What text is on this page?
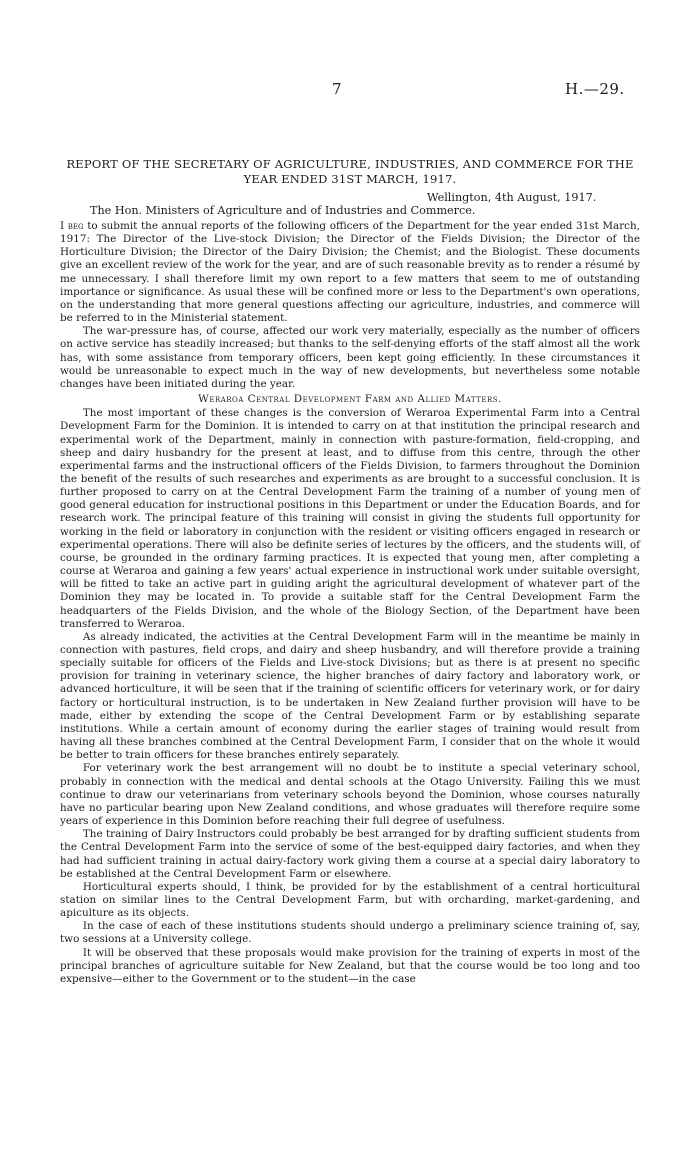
7	H.—29.
REPORT OF THE SECRETARY OF AGRICULTURE, INDUSTRIES, AND COMMERCE FOR THE YEAR ENDED 31ST MARCH, 1917.
Wellington, 4th August, 1917.
The Hon. Ministers of Agriculture and of Industries and Commerce.

I beg to submit the annual reports of the following officers of the Department for the year ended 31st March, 1917: The Director of the Live-stock Division; the Director of the Fields Division; the Director of the Horticulture Division; the Director of the Dairy Division; the Chemist; and the Biologist. These documents give an excellent review of the work for the year, and are of such reasonable brevity as to render a résumé by me unnecessary. I shall therefore limit my own report to a few matters that seem to me of outstanding importance or significance. As usual these will be confined more or less to the Department's own operations, on the understanding that more general questions affecting our agriculture, industries, and commerce will be referred to in the Ministerial statement.

The war-pressure has, of course, affected our work very materially, especially as the number of officers on active service has steadily increased; but thanks to the self-denying efforts of the staff almost all the work has, with some assistance from temporary officers, been kept going efficiently. In these circumstances it would be unreasonable to expect much in the way of new developments, but nevertheless some notable changes have been initiated during the year.

Weraroa Central Development Farm and Allied Matters.

The most important of these changes is the conversion of Weraroa Experimental Farm into a Central Development Farm for the Dominion. It is intended to carry on at that institution the principal research and experimental work of the Department, mainly in connection with pasture-formation, field-cropping, and sheep and dairy husbandry for the present at least, and to diffuse from this centre, through the other experimental farms and the instructional officers of the Fields Division, to farmers throughout the Dominion the benefit of the results of such researches and experiments as are brought to a successful conclusion. It is further proposed to carry on at the Central Development Farm the training of a number of young men of good general education for instructional positions in this Department or under the Education Boards, and for research work. The principal feature of this training will consist in giving the students full opportunity for working in the field or laboratory in conjunction with the resident or visiting officers engaged in research or experimental operations. There will also be definite series of lectures by the officers, and the students will, of course, be grounded in the ordinary farming practices. It is expected that young men, after completing a course at Weraroa and gaining a few years' actual experience in instructional work under suitable oversight, will be fitted to take an active part in guiding aright the agricultural development of whatever part of the Dominion they may be located in. To provide a suitable staff for the Central Development Farm the headquarters of the Fields Division, and the whole of the Biology Section, of the Department have been transferred to Weraroa.

As already indicated, the activities at the Central Development Farm will in the meantime be mainly in connection with pastures, field crops, and dairy and sheep husbandry, and will therefore provide a training specially suitable for officers of the Fields and Live-stock Divisions; but as there is at present no specific provision for training in veterinary science, the higher branches of dairy factory and laboratory work, or advanced horticulture, it will be seen that if the training of scientific officers for veterinary work, or for dairy factory or horticultural instruction, is to be undertaken in New Zealand further provision will have to be made, either by extending the scope of the Central Development Farm or by establishing separate institutions. While a certain amount of economy during the earlier stages of training would result from having all these branches combined at the Central Development Farm, I consider that on the whole it would be better to train officers for these branches entirely separately.

For veterinary work the best arrangement will no doubt be to institute a special veterinary school, probably in connection with the medical and dental schools at the Otago University. Failing this we must continue to draw our veterinarians from veterinary schools beyond the Dominion, whose courses naturally have no particular bearing upon New Zealand conditions, and whose graduates will therefore require some years of experience in this Dominion before reaching their full degree of usefulness.

The training of Dairy Instructors could probably be best arranged for by drafting sufficient students from the Central Development Farm into the service of some of the best-equipped dairy factories, and when they had had sufficient training in actual dairy-factory work giving them a course at a special dairy laboratory to be established at the Central Development Farm or elsewhere.

Horticultural experts should, I think, be provided for by the establishment of a central horticultural station on similar lines to the Central Development Farm, but with orcharding, market-gardening, and apiculture as its objects.

In the case of each of these institutions students should undergo a preliminary science training of, say, two sessions at a University college.

It will be observed that these proposals would make provision for the training of experts in most of the principal branches of agriculture suitable for New Zealand, but that the course would be too long and too expensive—either to the Government or to the student—in the case
